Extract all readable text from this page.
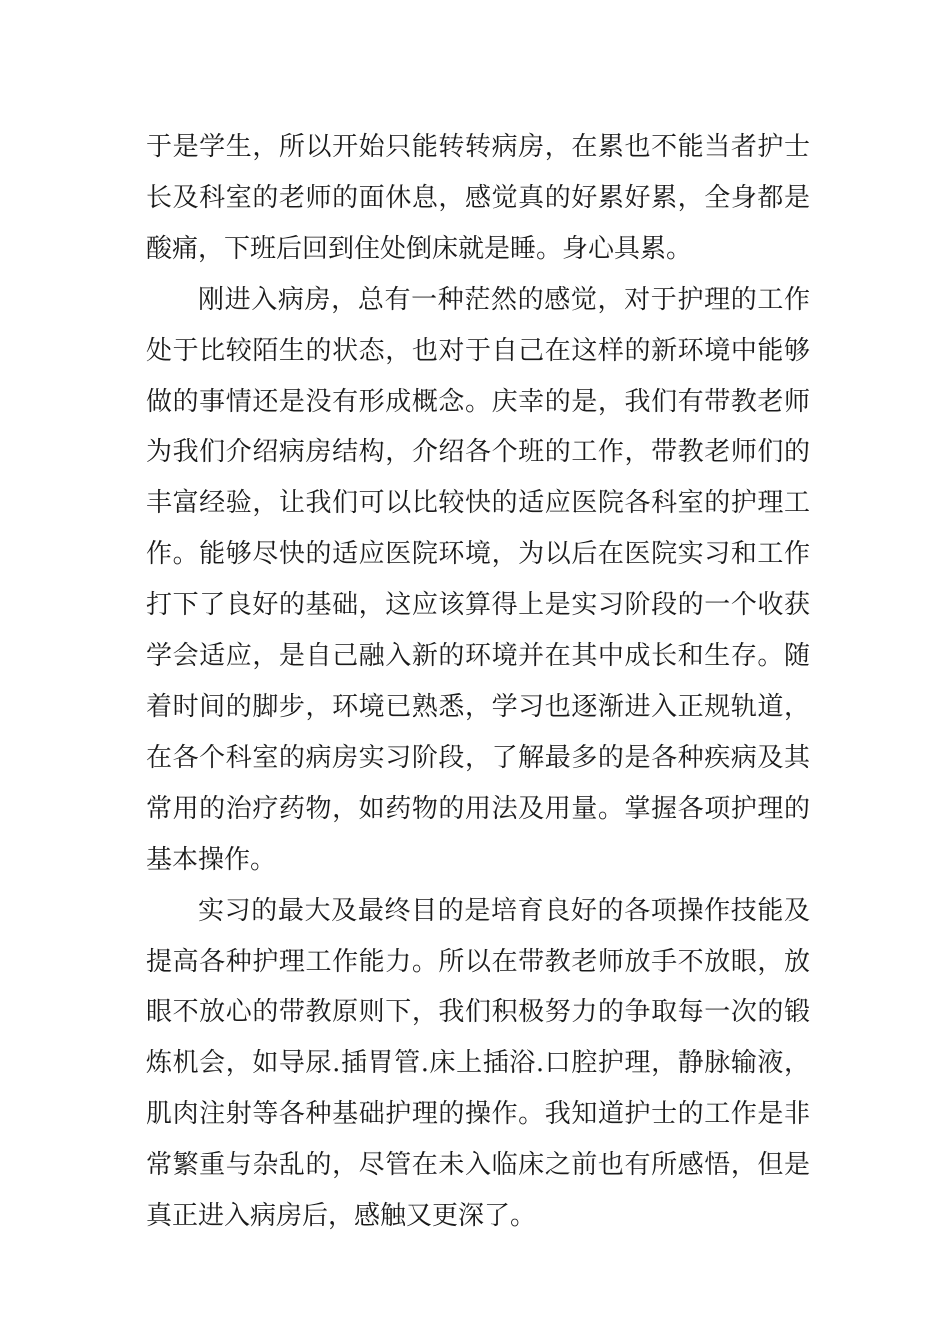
于是学生，所以开始只能转转病房，在累也不能当者护士长及科室的老师的面休息，感觉真的好累好累，全身都是酸痛，下班后回到住处倒床就是睡。身心具累。

刚进入病房，总有一种茫然的感觉，对于护理的工作处于比较陌生的状态，也对于自己在这样的新环境中能够做的事情还是没有形成概念。庆幸的是，我们有带教老师为我们介绍病房结构，介绍各个班的工作，带教老师们的丰富经验，让我们可以比较快的适应医院各科室的护理工作。能够尽快的适应医院环境，为以后在医院实习和工作打下了良好的基础，这应该算得上是实习阶段的一个收获学会适应，是自己融入新的环境并在其中成长和生存。随着时间的脚步，环境已熟悉，学习也逐渐进入正规轨道，在各个科室的病房实习阶段，了解最多的是各种疾病及其常用的治疗药物，如药物的用法及用量。掌握各项护理的基本操作。

实习的最大及最终目的是培育良好的各项操作技能及提高各种护理工作能力。所以在带教老师放手不放眼，放眼不放心的带教原则下，我们积极努力的争取每一次的锻炼机会，如导尿.插胃管.床上插浴.口腔护理，静脉输液，肌肉注射等各种基础护理的操作。我知道护士的工作是非常繁重与杂乱的，尽管在未入临床之前也有所感悟，但是真正进入病房后，感触又更深了。
